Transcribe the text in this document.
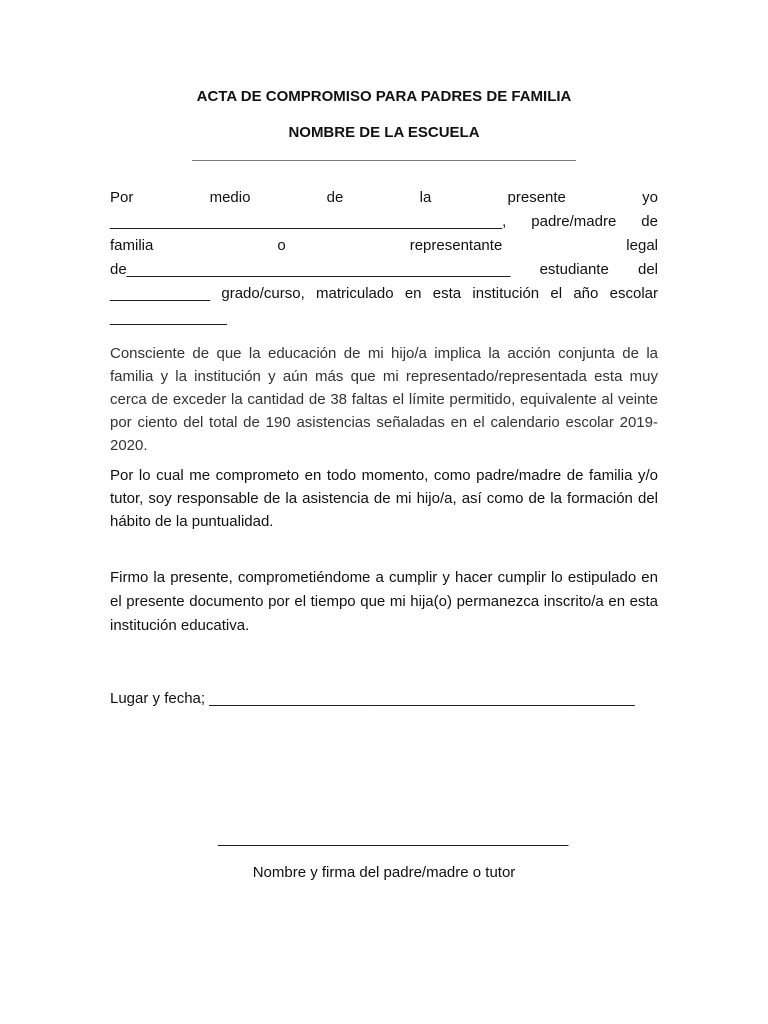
ACTA DE COMPROMISO PARA PADRES DE FAMILIA
NOMBRE DE LA ESCUELA
______________________________________________
Por medio de la presente yo
_______________________________________________, padre/madre de
familia o representante legal
de______________________________________________ estudiante del
____________ grado/curso, matriculado en esta institución el año escolar
______________
Consciente de que la educación de mi hijo/a implica la acción conjunta de la familia y la institución y aún más que mi representado/representada esta muy cerca de exceder la cantidad de 38 faltas el límite permitido, equivalente al veinte por ciento del total de 190 asistencias señaladas en el calendario escolar 2019-2020.
Por lo cual me comprometo en todo momento, como padre/madre de familia y/o tutor, soy responsable de la asistencia de mi hijo/a, así como de la formación del hábito de la puntualidad.
Firmo la presente, comprometiéndome a cumplir y hacer cumplir lo estipulado en el presente documento por el tiempo que mi hija(o) permanezca inscrito/a en esta institución educativa.
Lugar y fecha; ___________________________________________________
__________________________________________
Nombre y firma del padre/madre o tutor
